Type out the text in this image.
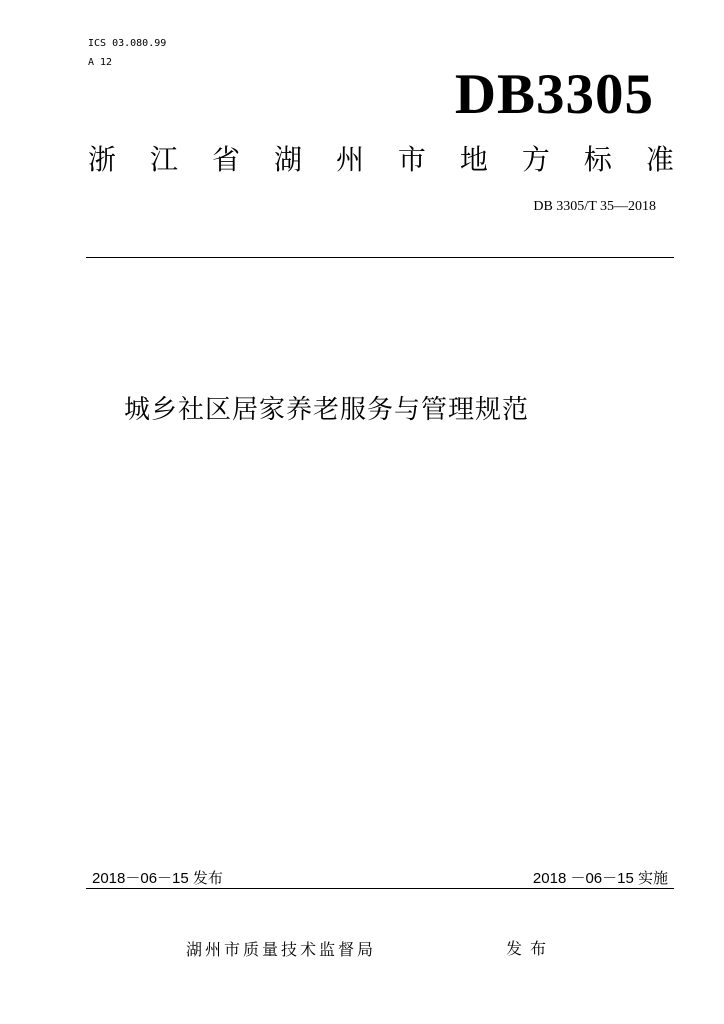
ICS 03.080.99
A 12
DB3305
浙 江 省 湖 州 市 地 方 标 准
DB 3305/T 35—2018
城乡社区居家养老服务与管理规范
2018－06－15 发布	2018 －06－15 实施
湖州市质量技术监督局	发布
